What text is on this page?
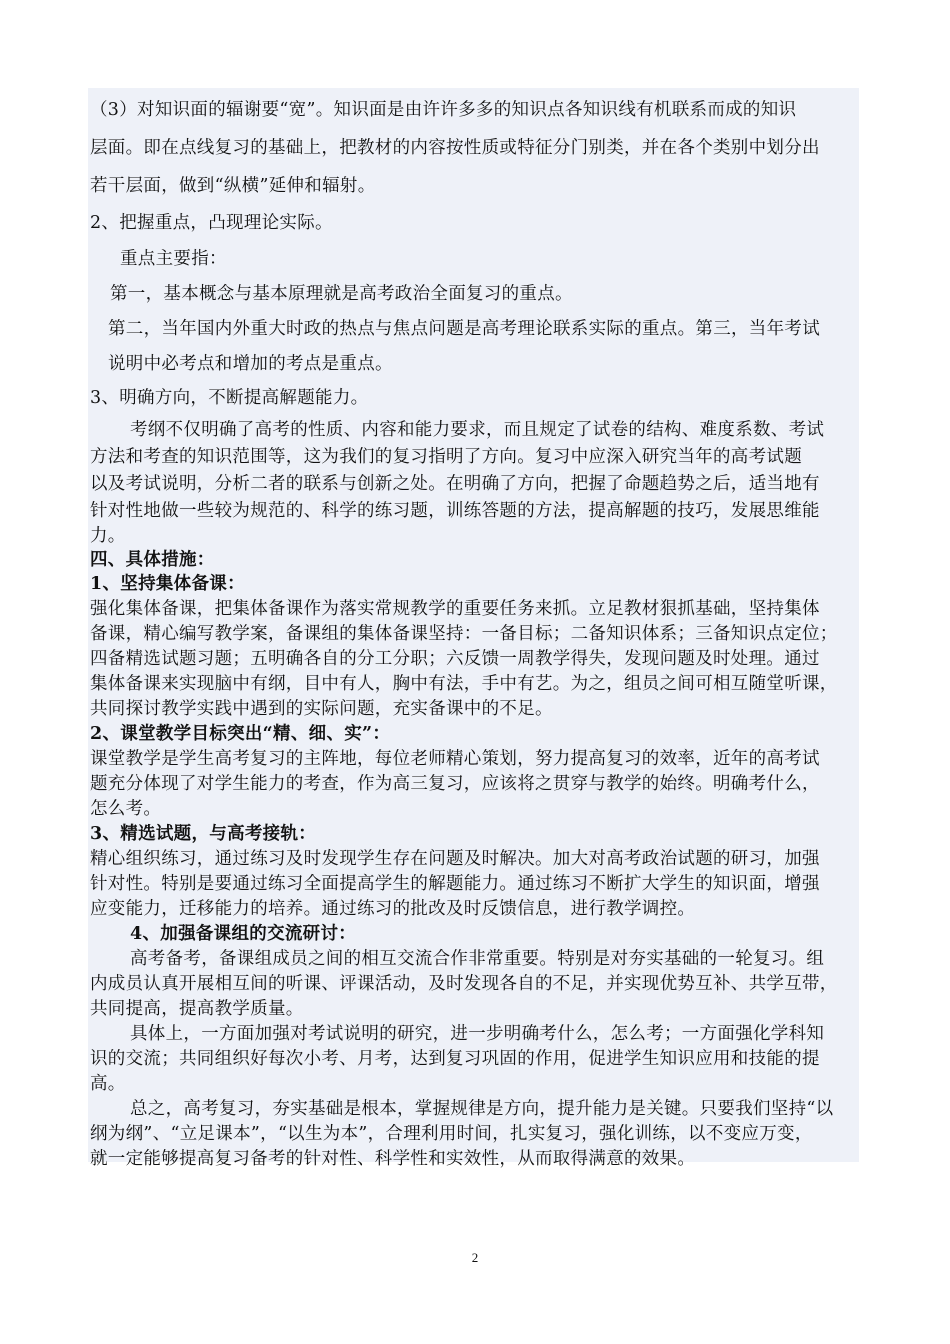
（3）对知识面的辐谢要“宽”。知识面是由许许多多的知识点各知识线有机联系而成的知识
层面。即在点线复习的基础上，把教材的内容按性质或特征分门别类，并在各个类别中划分出
若干层面，做到“纵横”延伸和辐射。
2、把握重点，凸现理论实际。
重点主要指：
第一，基本概念与基本原理就是高考政治全面复习的重点。
第二，当年国内外重大时政的热点与焦点问题是高考理论联系实际的重点。第三，当年考试
说明中必考点和增加的考点是重点。
3、明确方向，不断提高解题能力。
考纲不仅明确了高考的性质、内容和能力要求，而且规定了试卷的结构、难度系数、考试
方法和考查的知识范围等，这为我们的复习指明了方向。复习中应深入研究当年的高考试题
以及考试说明，分析二者的联系与创新之处。在明确了方向，把握了命题趋势之后，适当地有
针对性地做一些较为规范的、科学的练习题，训练答题的方法，提高解题的技巧，发展思维能
力。
四、具体措施：
1、坚持集体备课：
强化集体备课，把集体备课作为落实常规教学的重要任务来抓。立足教材狠抓基础，坚持集体
备课，精心编写教学案，备课组的集体备课坚持：一备目标；二备知识体系；三备知识点定位；
四备精选试题习题；五明确各自的分工分职；六反馈一周教学得失，发现问题及时处理。通过
集体备课来实现脑中有纲，目中有人，胸中有法，手中有艺。为之，组员之间可相互随堂听课，
共同探讨教学实践中遇到的实际问题，充实备课中的不足。
2、课堂教学目标突出“精、细、实”：
课堂教学是学生高考复习的主阵地，每位老师精心策划，努力提高复习的效率，近年的高考试
题充分体现了对学生能力的考查，作为高三复习，应该将之贯穿与教学的始终。明确考什么，
怎么考。
3、精选试题，与高考接轨：
精心组织练习，通过练习及时发现学生存在问题及时解决。加大对高考政治试题的研习，加强
针对性。特别是要通过练习全面提高学生的解题能力。通过练习不断扩大学生的知识面，增强
应变能力，迁移能力的培养。通过练习的批改及时反馈信息，进行教学调控。
4、加强备课组的交流研讨：
高考备考，备课组成员之间的相互交流合作非常重要。特别是对夯实基础的一轮复习。组
内成员认真开展相互间的听课、评课活动，及时发现各自的不足，并实现优势互补、共学互带，
共同提高，提高教学质量。
具体上，一方面加强对考试说明的研究，进一步明确考什么，怎么考；一方面强化学科知
识的交流；共同组织好每次小考、月考，达到复习巩固的作用，促进学生知识应用和技能的提
高。
总之，高考复习，夯实基础是根本，掌握规律是方向，提升能力是关键。只要我们坚持“以
纲为纲”、“立足课本”，“以生为本”，合理利用时间，扎实复习，强化训练，以不变应万变，
就一定能够提高复习备考的针对性、科学性和实效性，从而取得满意的效果。
2
